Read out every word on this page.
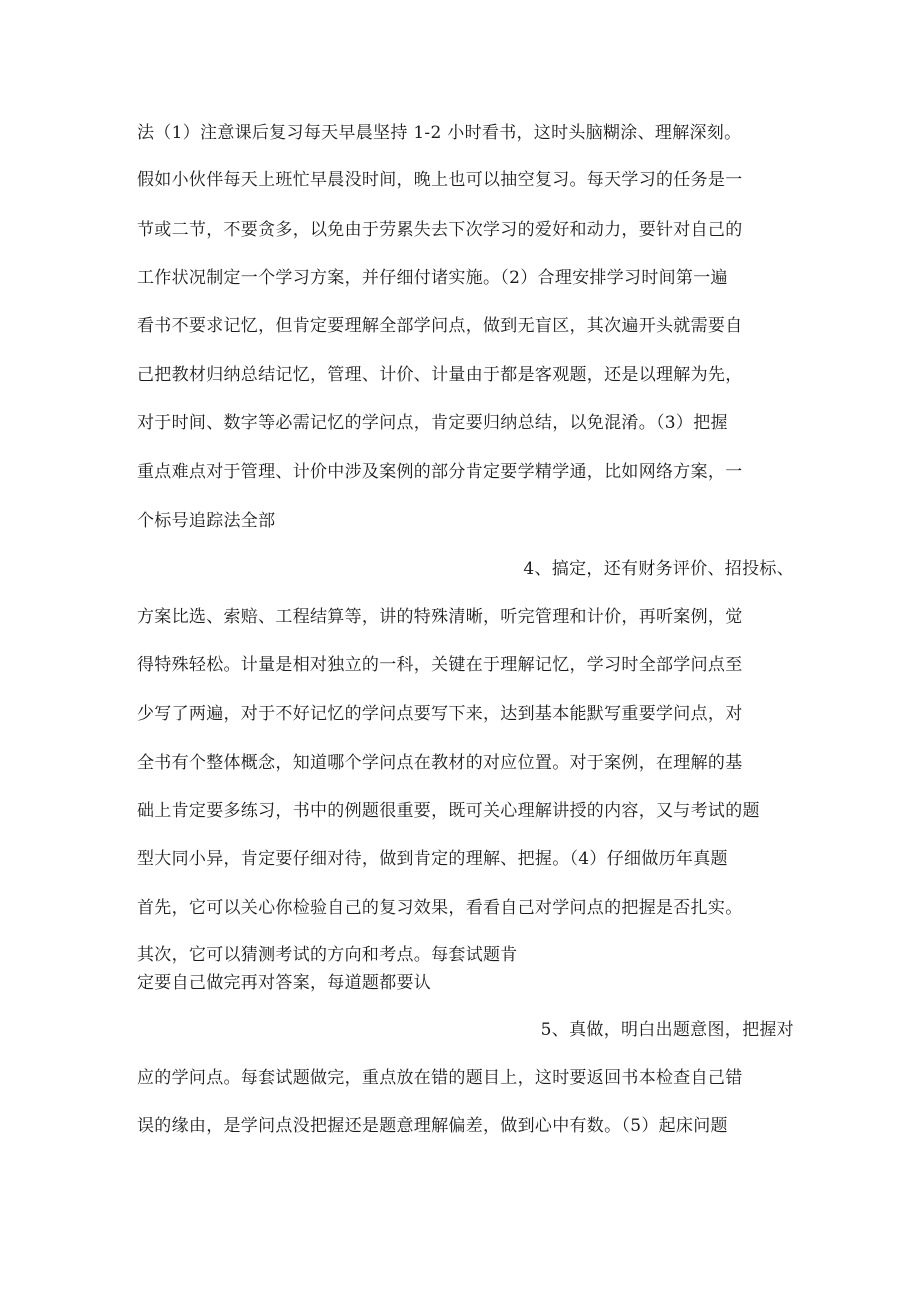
法（1）注意课后复习每天早晨坚持 1-2 小时看书，这时头脑糊涂、理解深刻。
假如小伙伴每天上班忙早晨没时间，晚上也可以抽空复习。每天学习的任务是一
节或二节，不要贪多，以免由于劳累失去下次学习的爱好和动力，要针对自己的
工作状况制定一个学习方案，并仔细付诸实施。（2）合理安排学习时间第一遍
看书不要求记忆，但肯定要理解全部学问点，做到无盲区，其次遍开头就需要自
己把教材归纳总结记忆，管理、计价、计量由于都是客观题，还是以理解为先，
对于时间、数字等必需记忆的学问点，肯定要归纳总结，以免混淆。（3）把握
重点难点对于管理、计价中涉及案例的部分肯定要学精学通，比如网络方案，一
个标号追踪法全部
4、搞定，还有财务评价、招投标、
方案比选、索赔、工程结算等，讲的特殊清晰，听完管理和计价，再听案例，觉
得特殊轻松。计量是相对独立的一科，关键在于理解记忆，学习时全部学问点至
少写了两遍，对于不好记忆的学问点要写下来，达到基本能默写重要学问点，对
全书有个整体概念，知道哪个学问点在教材的对应位置。对于案例，在理解的基
础上肯定要多练习，书中的例题很重要，既可关心理解讲授的内容，又与考试的题
型大同小异，肯定要仔细对待，做到肯定的理解、把握。（4）仔细做历年真题
首先，它可以关心你检验自己的复习效果，看看自己对学问点的把握是否扎实。
其次，它可以猜测考试的方向和考点。每套试题肯
定要自己做完再对答案，每道题都要认
5、真做，明白出题意图，把握对
应的学问点。每套试题做完，重点放在错的题目上，这时要返回书本检查自己错
误的缘由，是学问点没把握还是题意理解偏差，做到心中有数。（5）起床问题
